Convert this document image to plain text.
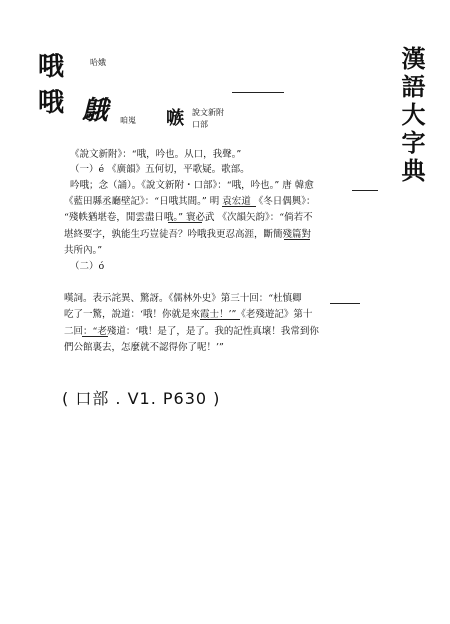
漢語大字典
哦	哈娥
哦 䳘 咱嵬 嗾 說文新附
口部
《說文新附》：“哦，吟也。从口，我聲。”
（一）é 《廣韻》五何切，平歌疑。歌部。
吟哦；念（誦）。《說文新附・口部》：“哦，吟也。” 唐 韓愈
《藍田縣丞廳壁記》：“日哦其間。” 明 袁宏道 《冬日偶興》：
“殘帙猶堪卷，閒雲盡日哦。” 寰必武 《次韻矢韵》：“倘若不
堪終要字，孰能生巧豈徒吾？吟哦我更忍高涯，斷簡殘篇對
共所內。”
（二）ó
嘆詞。表示詫異、驚訝。《儒林外史》第三十回：“杜慎卿
吃了一驚，說道：‘哦！你就是來霞士！’”《老殘遊記》第十
二回：“老殘道：‘哦！是了，是了。我的記性真壞！我常到你
們公館裏去，怎麼就不認得你了呢！’”
( 口部 . V1. P630 )
